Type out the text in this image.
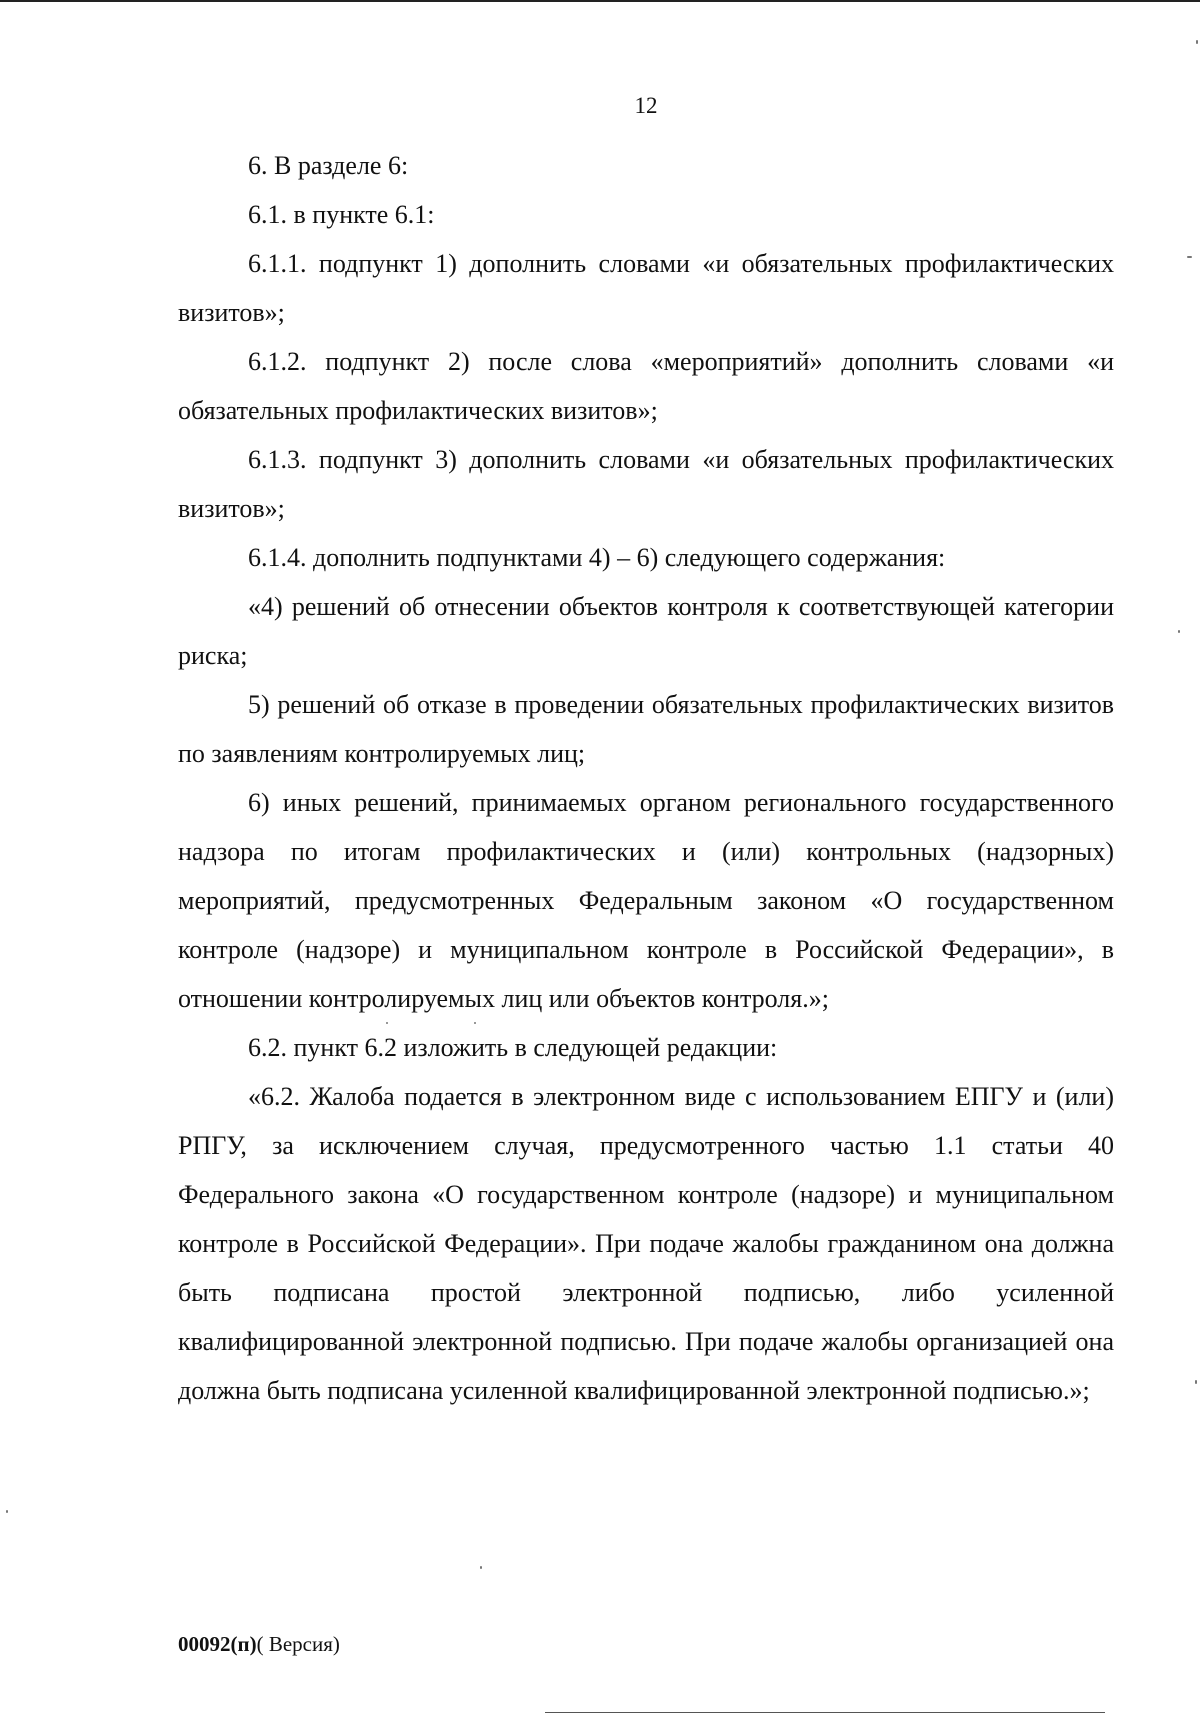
12

6. В разделе 6:

6.1. в пункте 6.1:

6.1.1. подпункт 1) дополнить словами «и обязательных профилактических визитов»;

6.1.2. подпункт 2) после слова «мероприятий» дополнить словами «и обязательных профилактических визитов»;

6.1.3. подпункт 3) дополнить словами «и обязательных профилактических визитов»;

6.1.4. дополнить подпунктами 4) – 6) следующего содержания:

«4) решений об отнесении объектов контроля к соответствующей категории риска;

5) решений об отказе в проведении обязательных профилактических визитов по заявлениям контролируемых лиц;

6) иных решений, принимаемых органом регионального государственного надзора по итогам профилактических и (или) контрольных (надзорных) мероприятий, предусмотренных Федеральным законом «О государственном контроле (надзоре) и муниципальном контроле в Российской Федерации», в отношении контролируемых лиц или объектов контроля.»;

6.2. пункт 6.2 изложить в следующей редакции:

«6.2. Жалоба подается в электронном виде с использованием ЕПГУ и (или) РПГУ, за исключением случая, предусмотренного частью 1.1 статьи 40 Федерального закона «О государственном контроле (надзоре) и муниципальном контроле в Российской Федерации». При подаче жалобы гражданином она должна быть подписана простой электронной подписью, либо усиленной квалифицированной электронной подписью. При подаче жалобы организацией она должна быть подписана усиленной квалифицированной электронной подписью.»;

00092(п)( Версия)
